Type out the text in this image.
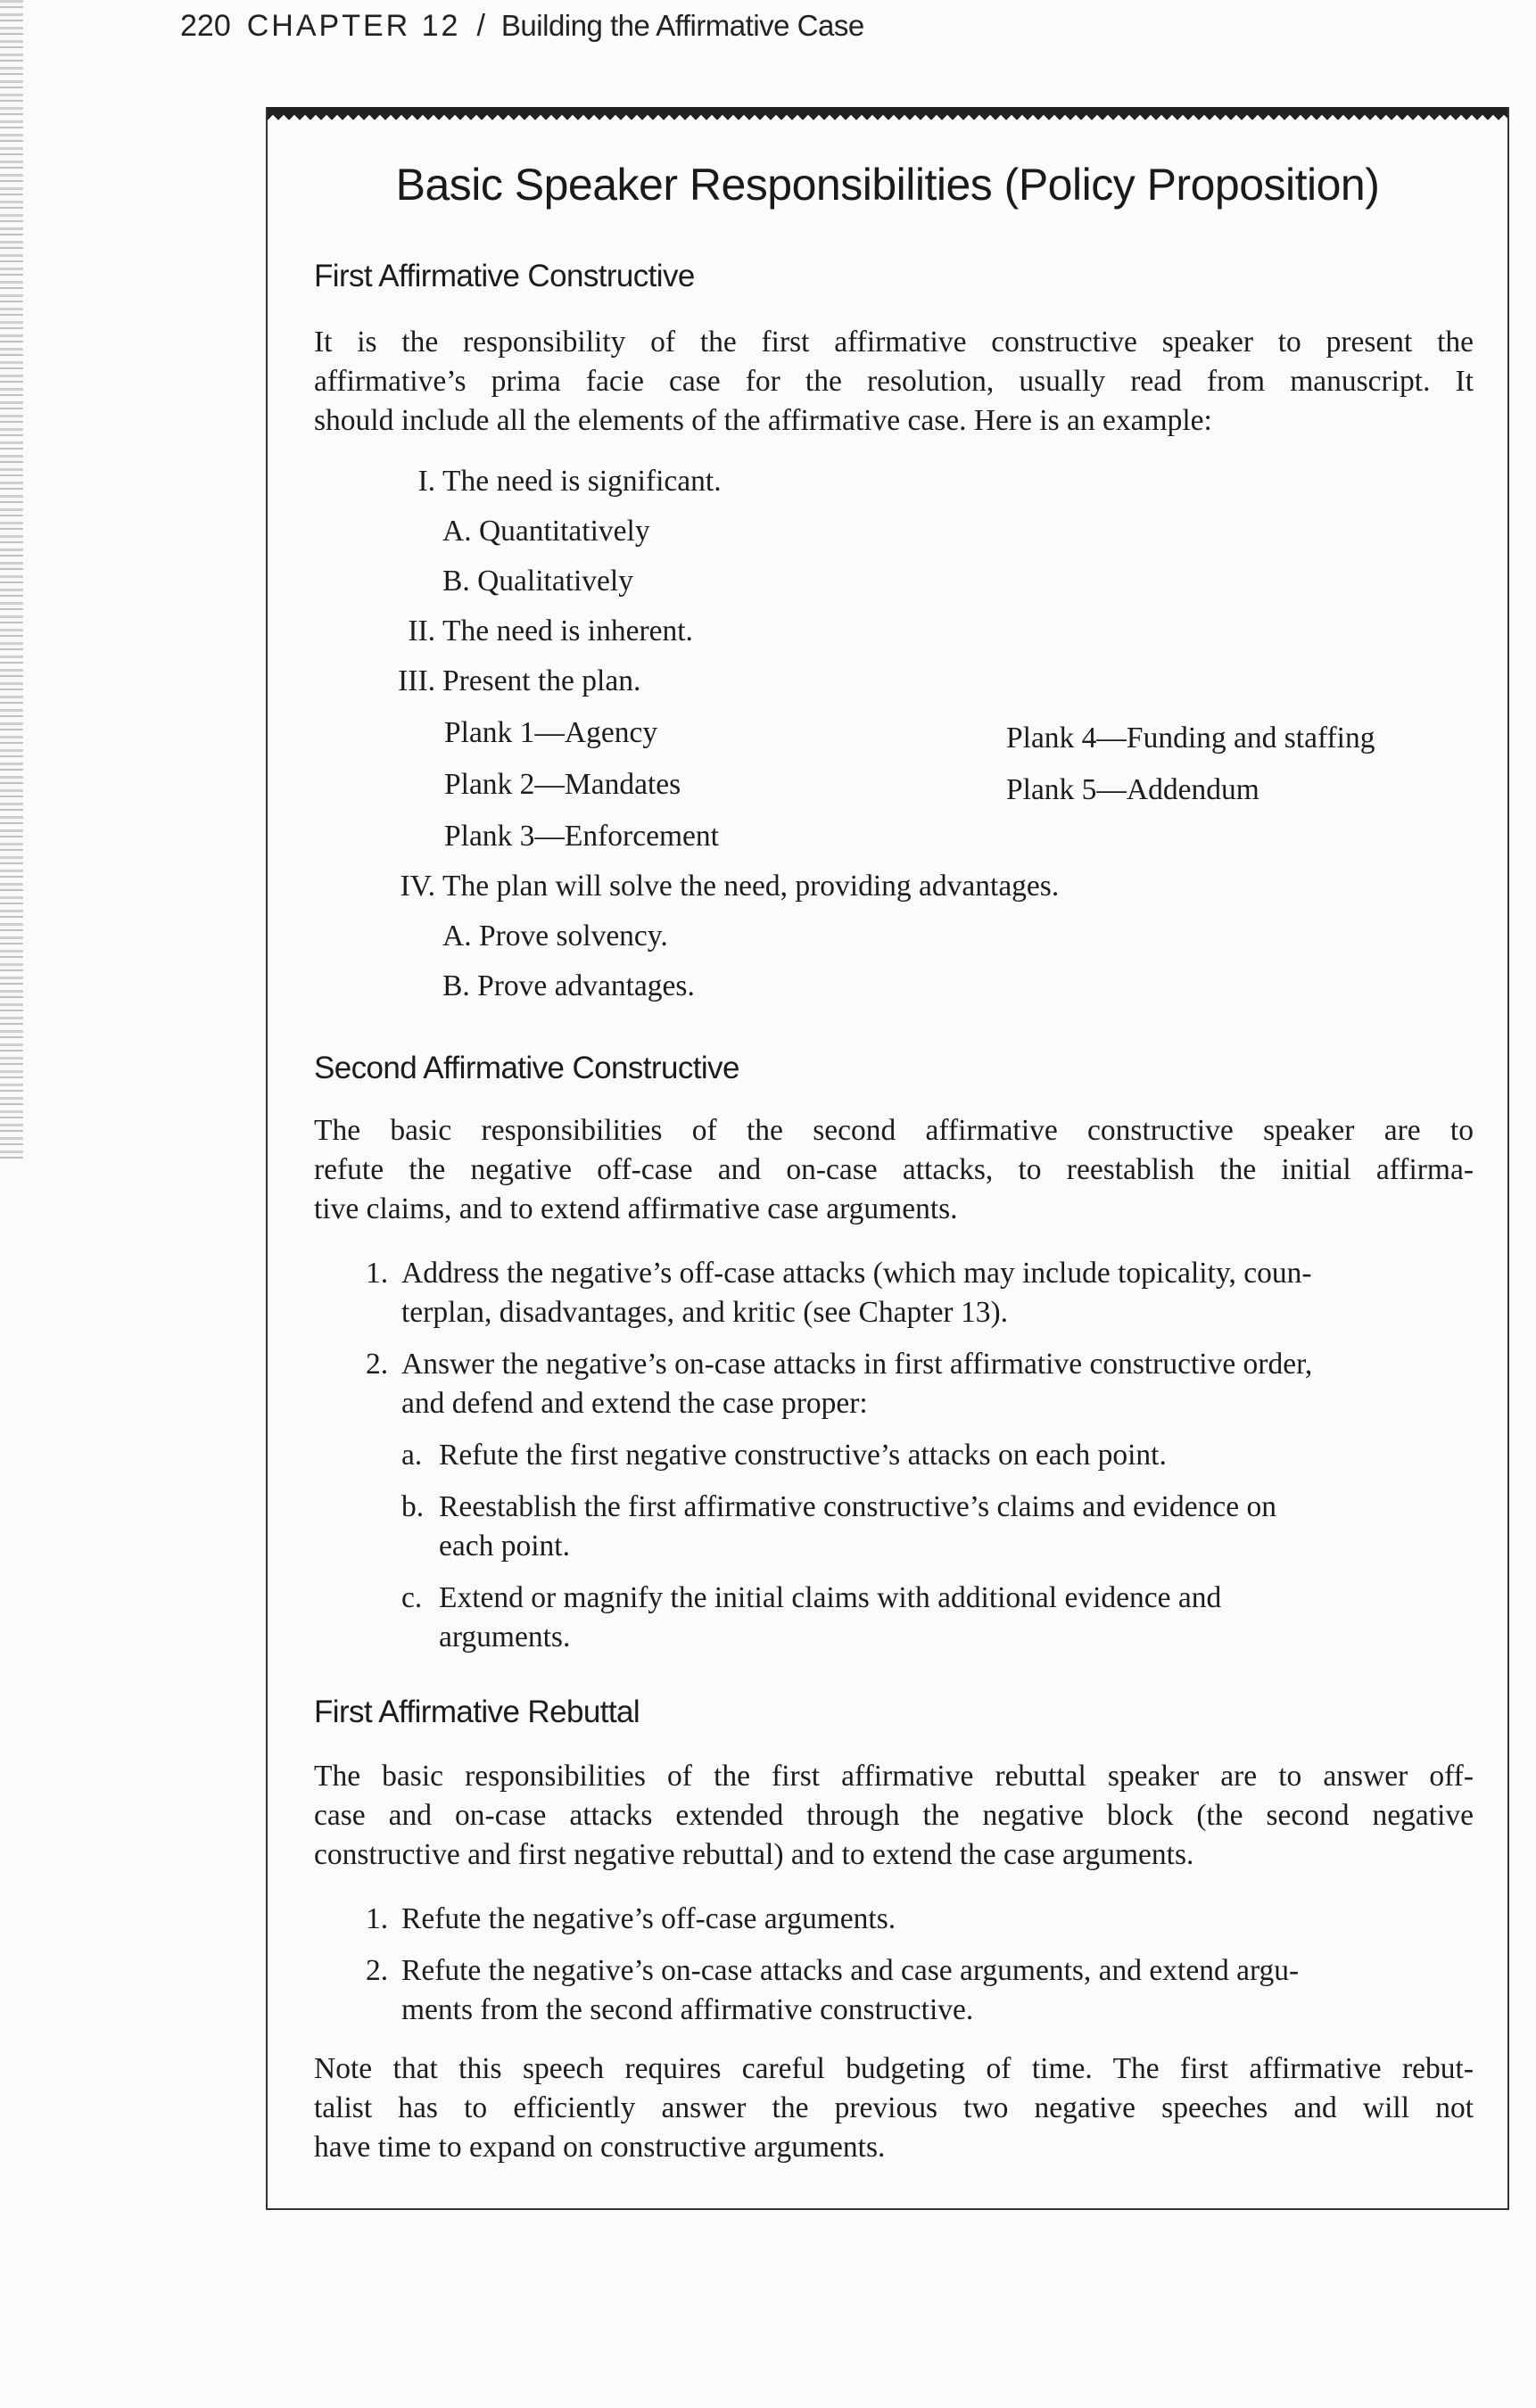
220 CHAPTER 12 / Building the Affirmative Case
Basic Speaker Responsibilities (Policy Proposition)
First Affirmative Constructive
It is the responsibility of the first affirmative constructive speaker to present the
affirmative’s prima facie case for the resolution, usually read from manuscript. It
should include all the elements of the affirmative case. Here is an example:
I. The need is significant.
A. Quantitatively
B. Qualitatively
II. The need is inherent.
III. Present the plan.
Plank 1—Agency
Plank 2—Mandates
Plank 3—Enforcement
Plank 4—Funding and staffing
Plank 5—Addendum
IV. The plan will solve the need, providing advantages.
A. Prove solvency.
B. Prove advantages.
Second Affirmative Constructive
The basic responsibilities of the second affirmative constructive speaker are to
refute the negative off-case and on-case attacks, to reestablish the initial affirma-
tive claims, and to extend affirmative case arguments.
1. Address the negative’s off-case attacks (which may include topicality, coun-
terplan, disadvantages, and kritic (see Chapter 13).
2. Answer the negative’s on-case attacks in first affirmative constructive order,
and defend and extend the case proper:
a. Refute the first negative constructive’s attacks on each point.
b. Reestablish the first affirmative constructive’s claims and evidence on
each point.
c. Extend or magnify the initial claims with additional evidence and
arguments.
First Affirmative Rebuttal
The basic responsibilities of the first affirmative rebuttal speaker are to answer off-
case and on-case attacks extended through the negative block (the second negative
constructive and first negative rebuttal) and to extend the case arguments.
1. Refute the negative’s off-case arguments.
2. Refute the negative’s on-case attacks and case arguments, and extend argu-
ments from the second affirmative constructive.
Note that this speech requires careful budgeting of time. The first affirmative rebut-
talist has to efficiently answer the previous two negative speeches and will not
have time to expand on constructive arguments.
